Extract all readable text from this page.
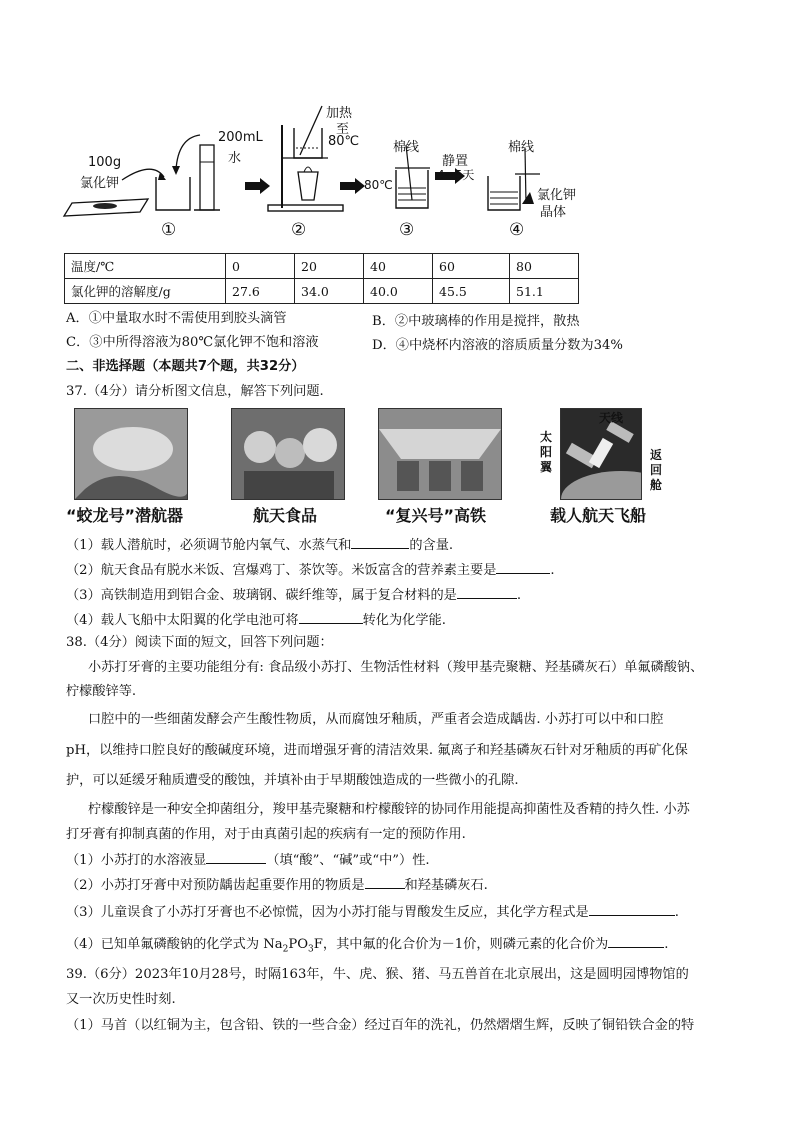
100g
氯化钾
200mL
水
加热
至
80℃	棉线
80℃
静置
4~5天
棉线
氯化钾
晶体
①	②	③	④
温度/℃	0	20	40	60	80
氯化钾的溶解度/g	27.6	34.0	40.0	45.5	51.1
A．①中量取水时不需使用到胶头滴管	B．②中玻璃棒的作用是搅拌，散热
C．③中所得溶液为80℃氯化钾不饱和溶液	D．④中烧杯内溶液的溶质质量分数为34%
二、非选择题（本题共7个题，共32分）
37.（4分）请分析图文信息，解答下列问题.
天线
太阳翼
返回舱
“蛟龙号”潜航器	航天食品	“复兴号”高铁	载人航天飞船
（1）载人潜航时，必须调节舱内氧气、水蒸气和	的含量.
（2）航天食品有脱水米饭、宫爆鸡丁、茶饮等。米饭富含的营养素主要是	.
（3）高铁制造用到铝合金、玻璃钢、碳纤维等，属于复合材料的是	.
（4）载人飞船中太阳翼的化学电池可将	转化为化学能.
38.（4分）阅读下面的短文，回答下列问题：
小苏打牙膏的主要功能组分有: 食品级小苏打、生物活性材料（羧甲基壳聚糖、羟基磷灰石）单氟磷酸钠、
柠檬酸锌等.
口腔中的一些细菌发酵会产生酸性物质，从而腐蚀牙釉质，严重者会造成龋齿. 小苏打可以中和口腔
pH，以维持口腔良好的酸碱度环境，进而增强牙膏的清洁效果. 氟离子和羟基磷灰石针对牙釉质的再矿化保
护，可以延缓牙釉质遭受的酸蚀，并填补由于早期酸蚀造成的一些微小的孔隙.
柠檬酸锌是一种安全抑菌组分，羧甲基壳聚糖和柠檬酸锌的协同作用能提高抑菌性及香精的持久性. 小苏
打牙膏有抑制真菌的作用，对于由真菌引起的疾病有一定的预防作用.
（1）小苏打的水溶液显	（填“酸”、“碱”或“中”）性.
（2）小苏打牙膏中对预防龋齿起重要作用的物质是	和羟基磷灰石.
（3）儿童误食了小苏打牙膏也不必惊慌，因为小苏打能与胃酸发生反应，其化学方程式是	.
（4）已知单氟磷酸钠的化学式为 $Na_2PO_3F$，其中氟的化合价为－1价，则磷元素的化合价为	.
39.（6分）2023年10月28号，时隔163年，牛、虎、猴、猪、马五兽首在北京展出，这是圆明园博物馆的
又一次历史性时刻.
（1）马首（以红铜为主，包含铅、铁的一些合金）经过百年的洗礼，仍然熠熠生辉，反映了铜铅铁合金的特
